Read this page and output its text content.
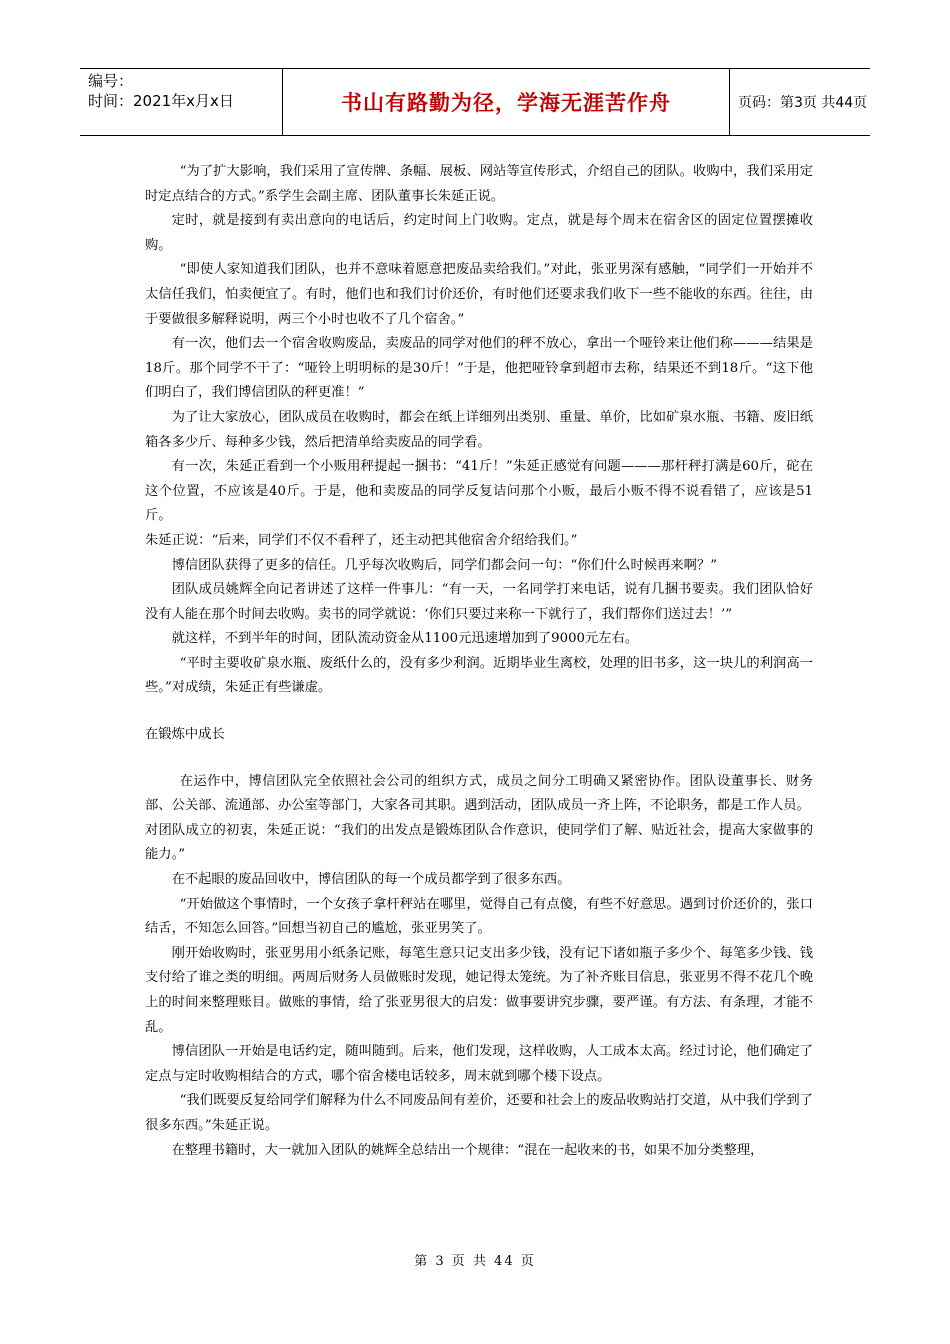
编号：
时间：2021年x月x日	书山有路勤为径，学海无涯苦作舟	页码：第3页 共44页

“为了扩大影响，我们采用了宣传牌、条幅、展板、网站等宣传形式，介绍自己的团队。收购中，我们采用定时定点结合的方式。”系学生会副主席、团队董事长朱延正说。

定时，就是接到有卖出意向的电话后，约定时间上门收购。定点，就是每个周末在宿舍区的固定位置摆摊收购。

“即使人家知道我们团队，也并不意味着愿意把废品卖给我们。”对此，张亚男深有感触，“同学们一开始并不太信任我们，怕卖便宜了。有时，他们也和我们讨价还价，有时他们还要求我们收下一些不能收的东西。往往，由于要做很多解释说明，两三个小时也收不了几个宿舍。”

有一次，他们去一个宿舍收购废品，卖废品的同学对他们的秤不放心，拿出一个哑铃来让他们称———结果是18斤。那个同学不干了：“哑铃上明明标的是30斤！”于是，他把哑铃拿到超市去称，结果还不到18斤。“这下他们明白了，我们博信团队的秤更准！”

为了让大家放心，团队成员在收购时，都会在纸上详细列出类别、重量、单价，比如矿泉水瓶、书籍、废旧纸箱各多少斤、每种多少钱，然后把清单给卖废品的同学看。

有一次，朱延正看到一个小贩用秤提起一捆书：“41斤！”朱延正感觉有问题———那杆秤打满是60斤，砣在这个位置，不应该是40斤。于是，他和卖废品的同学反复诘问那个小贩，最后小贩不得不说看错了，应该是51斤。

朱延正说：“后来，同学们不仅不看秤了，还主动把其他宿舍介绍给我们。”

博信团队获得了更多的信任。几乎每次收购后，同学们都会问一句：“你们什么时候再来啊？”

团队成员姚辉全向记者讲述了这样一件事儿：“有一天，一名同学打来电话，说有几捆书要卖。我们团队恰好没有人能在那个时间去收购。卖书的同学就说：‘你们只要过来称一下就行了，我们帮你们送过去！’”

就这样，不到半年的时间，团队流动资金从1100元迅速增加到了9000元左右。

“平时主要收矿泉水瓶、废纸什么的，没有多少利润。近期毕业生离校，处理的旧书多，这一块儿的利润高一些。”对成绩，朱延正有些谦虚。

在锻炼中成长

在运作中，博信团队完全依照社会公司的组织方式，成员之间分工明确又紧密协作。团队设董事长、财务部、公关部、流通部、办公室等部门，大家各司其职。遇到活动，团队成员一齐上阵，不论职务，都是工作人员。

对团队成立的初衷，朱延正说：“我们的出发点是锻炼团队合作意识，使同学们了解、贴近社会，提高大家做事的能力。”

在不起眼的废品回收中，博信团队的每一个成员都学到了很多东西。

“开始做这个事情时，一个女孩子拿杆秤站在哪里，觉得自己有点傻，有些不好意思。遇到讨价还价的，张口结舌，不知怎么回答。”回想当初自己的尴尬，张亚男笑了。

刚开始收购时，张亚男用小纸条记账，每笔生意只记支出多少钱，没有记下诸如瓶子多少个、每笔多少钱、钱支付给了谁之类的明细。两周后财务人员做账时发现，她记得太笼统。为了补齐账目信息，张亚男不得不花几个晚上的时间来整理账目。做账的事情，给了张亚男很大的启发：做事要讲究步骤，要严谨。有方法、有条理，才能不乱。

博信团队一开始是电话约定，随叫随到。后来，他们发现，这样收购，人工成本太高。经过讨论，他们确定了定点与定时收购相结合的方式，哪个宿舍楼电话较多，周末就到哪个楼下设点。

“我们既要反复给同学们解释为什么不同废品间有差价，还要和社会上的废品收购站打交道，从中我们学到了很多东西。”朱延正说。

在整理书籍时，大一就加入团队的姚辉全总结出一个规律：“混在一起收来的书，如果不加分类整理，

第 3 页 共 44 页
